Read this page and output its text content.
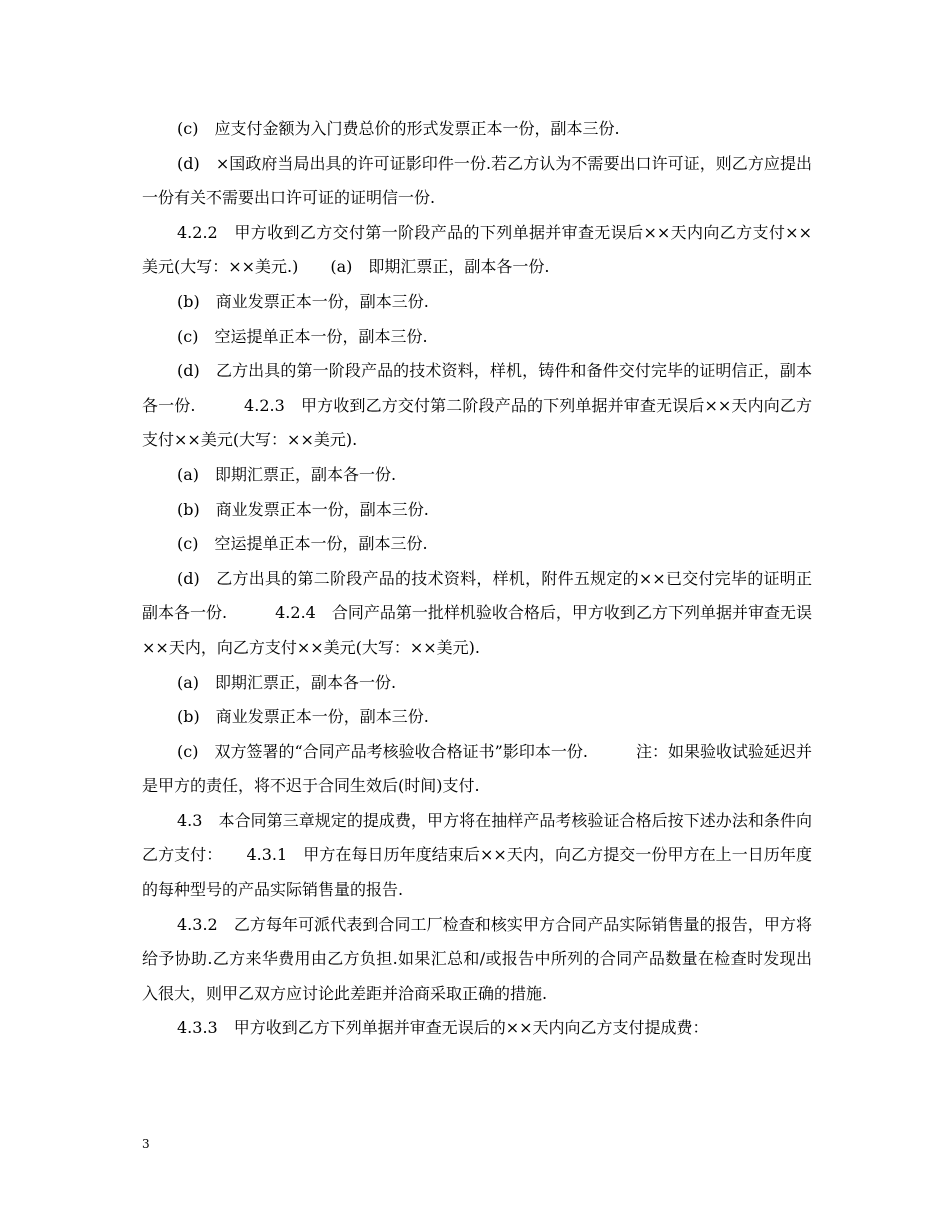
(c)　应支付金额为入门费总价的形式发票正本一份，副本三份.

(d)　×国政府当局出具的许可证影印件一份.若乙方认为不需要出口许可证，则乙方应提出一份有关不需要出口许可证的证明信一份.

4.2.2　甲方收到乙方交付第一阶段产品的下列单据并审查无误后××天内向乙方支付××美元(大写：××美元.)　　(a)　即期汇票正，副本各一份.

(b)　商业发票正本一份，副本三份.

(c)　空运提单正本一份，副本三份.

(d)　乙方出具的第一阶段产品的技术资料，样机，铸件和备件交付完毕的证明信正，副本各一份.　　　4.2.3　甲方收到乙方交付第二阶段产品的下列单据并审查无误后××天内向乙方支付××美元(大写：××美元).

(a)　即期汇票正，副本各一份.

(b)　商业发票正本一份，副本三份.

(c)　空运提单正本一份，副本三份.

(d)　乙方出具的第二阶段产品的技术资料，样机，附件五规定的××已交付完毕的证明正副本各一份.　　　4.2.4　合同产品第一批样机验收合格后，甲方收到乙方下列单据并审查无误××天内，向乙方支付××美元(大写：××美元).

(a)　即期汇票正，副本各一份.

(b)　商业发票正本一份，副本三份.

(c)　双方签署的“合同产品考核验收合格证书”影印本一份.　　　注：如果验收试验延迟并是甲方的责任，将不迟于合同生效后(时间)支付.

4.3　本合同第三章规定的提成费，甲方将在抽样产品考核验证合格后按下述办法和条件向乙方支付：　　4.3.1　甲方在每日历年度结束后××天内，向乙方提交一份甲方在上一日历年度的每种型号的产品实际销售量的报告.

4.3.2　乙方每年可派代表到合同工厂检查和核实甲方合同产品实际销售量的报告，甲方将给予协助.乙方来华费用由乙方负担.如果汇总和/或报告中所列的合同产品数量在检查时发现出入很大，则甲乙双方应讨论此差距并洽商采取正确的措施.

4.3.3　甲方收到乙方下列单据并审查无误后的××天内向乙方支付提成费：

3
